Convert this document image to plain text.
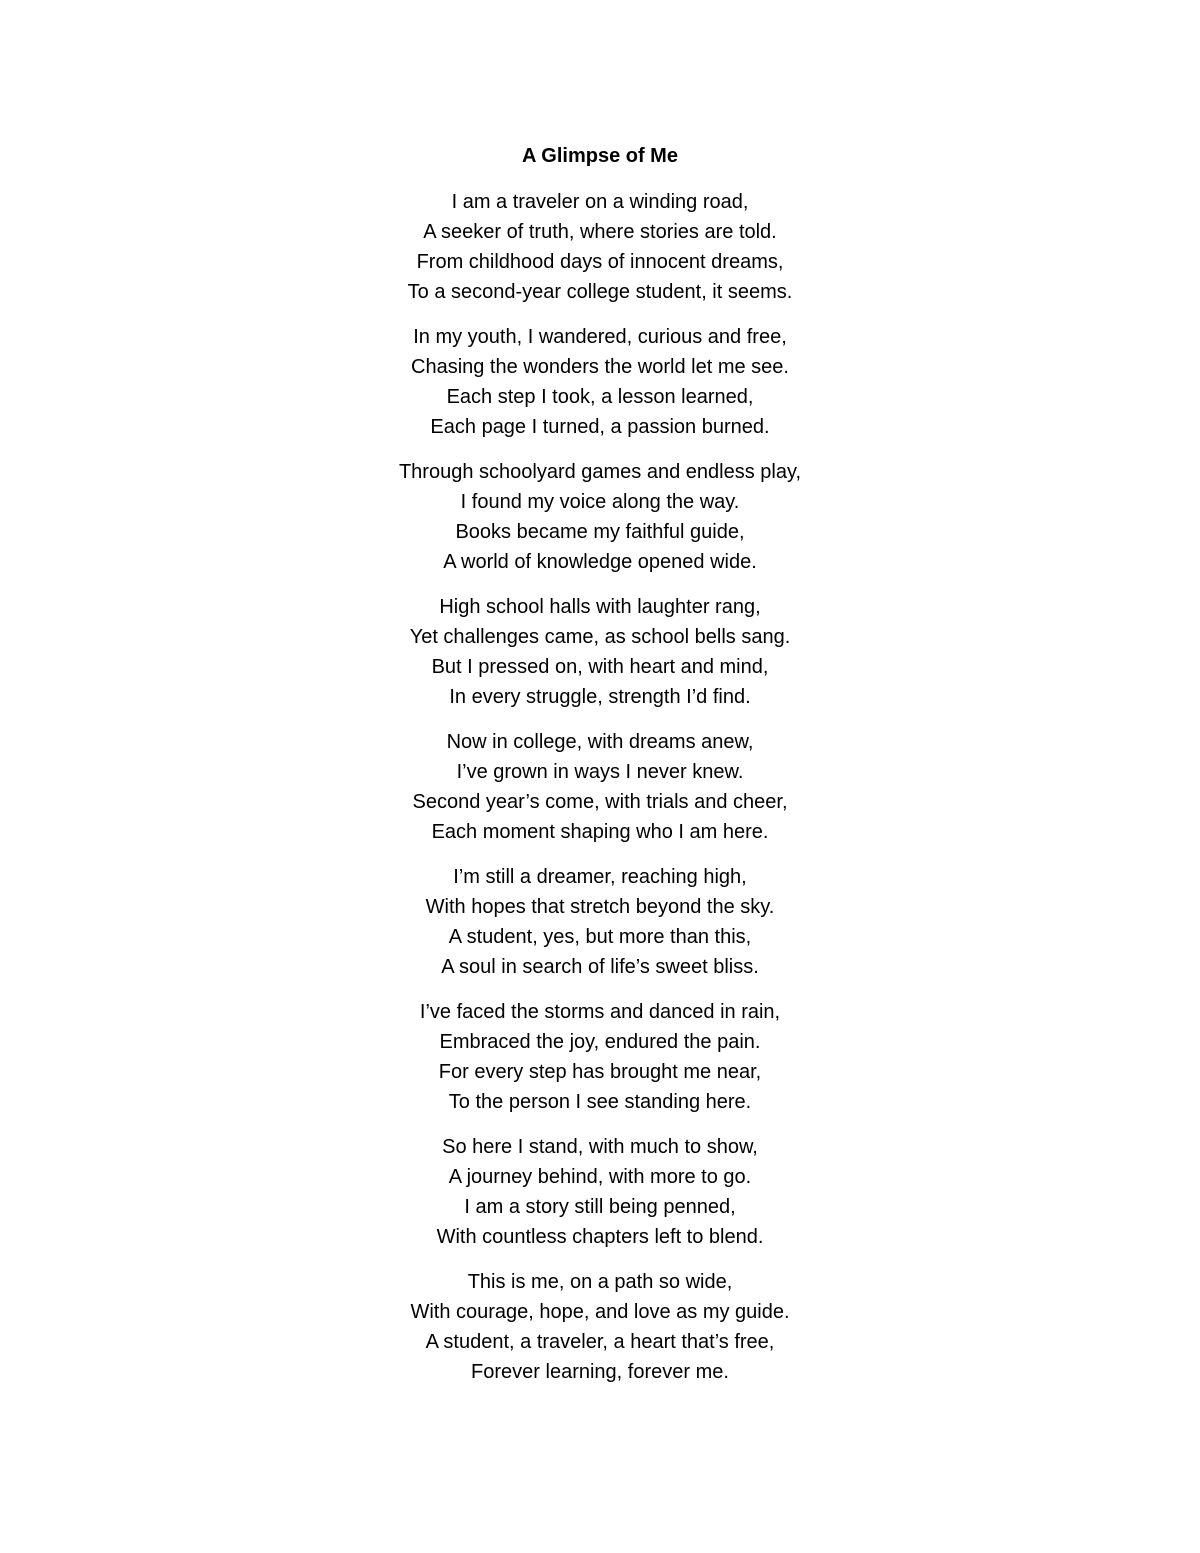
A Glimpse of Me
I am a traveler on a winding road,
A seeker of truth, where stories are told.
From childhood days of innocent dreams,
To a second-year college student, it seems.
In my youth, I wandered, curious and free,
Chasing the wonders the world let me see.
Each step I took, a lesson learned,
Each page I turned, a passion burned.
Through schoolyard games and endless play,
I found my voice along the way.
Books became my faithful guide,
A world of knowledge opened wide.
High school halls with laughter rang,
Yet challenges came, as school bells sang.
But I pressed on, with heart and mind,
In every struggle, strength I’d find.
Now in college, with dreams anew,
I’ve grown in ways I never knew.
Second year’s come, with trials and cheer,
Each moment shaping who I am here.
I’m still a dreamer, reaching high,
With hopes that stretch beyond the sky.
A student, yes, but more than this,
A soul in search of life’s sweet bliss.
I’ve faced the storms and danced in rain,
Embraced the joy, endured the pain.
For every step has brought me near,
To the person I see standing here.
So here I stand, with much to show,
A journey behind, with more to go.
I am a story still being penned,
With countless chapters left to blend.
This is me, on a path so wide,
With courage, hope, and love as my guide.
A student, a traveler, a heart that’s free,
Forever learning, forever me.
